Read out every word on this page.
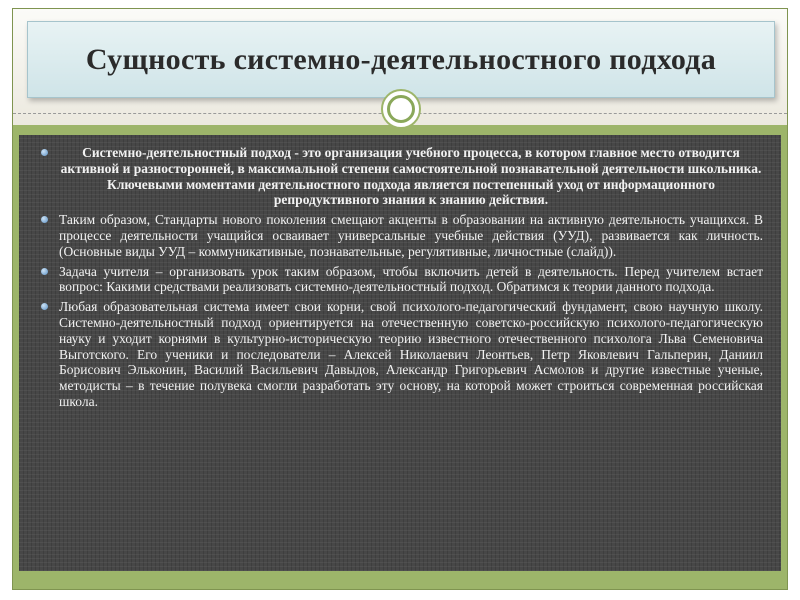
Сущность системно-деятельностного подхода
Системно-деятельностный подход - это организация учебного процесса, в котором главное место отводится активной и разносторонней, в максимальной степени самостоятельной познавательной деятельности школьника. Ключевыми моментами деятельностного подхода является постепенный уход от информационного репродуктивного знания к знанию действия.
Таким образом, Стандарты нового поколения смещают акценты в образовании на активную деятельность учащихся. В процессе деятельности учащийся осваивает универсальные учебные действия (УУД), развивается как личность. (Основные виды УУД – коммуникативные, познавательные, регулятивные, личностные (слайд)).
Задача учителя – организовать урок таким образом, чтобы включить детей в деятельность. Перед учителем встает вопрос: Какими средствами реализовать системно-деятельностный подход. Обратимся к теории данного подхода.
Любая образовательная система имеет свои корни, свой психолого-педагогический фундамент, свою научную школу. Системно-деятельностный подход ориентируется на отечественную советско-российскую психолого-педагогическую науку и уходит корнями в культурно-историческую теорию известного отечественного психолога Льва Семеновича Выготского. Его ученики и последователи – Алексей Николаевич Леонтьев, Петр Яковлевич Гальперин, Даниил Борисович Эльконин, Василий Васильевич Давыдов, Александр Григорьевич Асмолов и другие известные ученые, методисты – в течение полувека смогли разработать эту основу, на которой может строиться современная российская школа.
